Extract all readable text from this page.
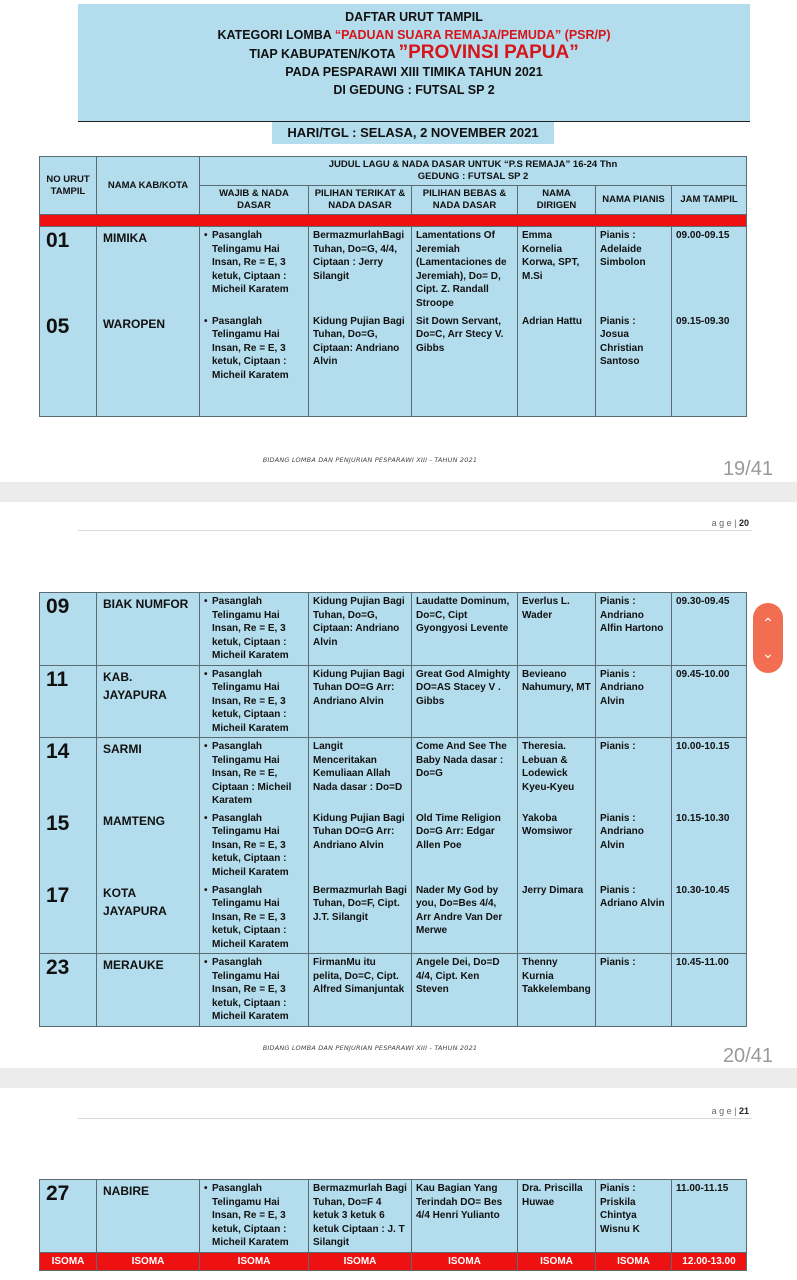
DAFTAR URUT TAMPIL
KATEGORI LOMBA “PADUAN SUARA REMAJA/PEMUDA” (PSR/P)
TIAP KABUPATEN/KOTA ”PROVINSI PAPUA”
PADA PESPARAWI XIII TIMIKA TAHUN 2021
DI GEDUNG : FUTSAL SP 2
HARI/TGL : SELASA, 2 NOVEMBER 2021
NO URUT TAMPIL	NAMA KAB/KOTA	JUDUL LAGU & NADA DASAR UNTUK “P.S REMAJA” 16-24 Thn
GEDUNG : FUTSAL SP 2					

		WAJIB & NADA DASAR	PILIHAN TERIKAT & NADA DASAR	PILIHAN BEBAS & NADA DASAR	NAMA DIRIGEN	NAMA PIANIS	JAM TAMPIL

01	MIMIKA	• Pasanglah Telingamu Hai Insan, Re = E, 3 ketuk, Ciptaan : Micheil Karatem	BermazmurlahBagi Tuhan, Do=G, 4/4, Ciptaan : Jerry Silangit	Lamentations Of Jeremiah (Lamentaciones de Jeremiah), Do= D, Cipt. Z. Randall Stroope	Emma Kornelia Korwa, SPT, M.Si	Pianis : Adelaide Simbolon	09.00-09.15
05	WAROPEN	• Pasanglah Telingamu Hai Insan, Re = E, 3 ketuk, Ciptaan : Micheil Karatem	Kidung Pujian Bagi Tuhan, Do=G, Ciptaan: Andriano Alvin	Sit Down Servant, Do=C, Arr Stecy V. Gibbs	Adrian Hattu	Pianis : Josua Christian Santoso	09.15-09.30
BIDANG LOMBA DAN PENJURIAN PESPARAWI XIII - TAHUN 2021	19/41
a g e | 20
09	BIAK NUMFOR	• Pasanglah Telingamu Hai Insan, Re = E, 3 ketuk, Ciptaan : Micheil Karatem	Kidung Pujian Bagi Tuhan, Do=G, Ciptaan: Andriano Alvin	Laudatte Dominum, Do=C, Cipt Gyongyosi Levente	Everlus L. Wader	Pianis : Andriano Alfin Hartono	09.30-09.45
11	KAB. JAYAPURA	• Pasanglah Telingamu Hai Insan, Re = E, 3 ketuk, Ciptaan : Micheil Karatem	Kidung Pujian Bagi Tuhan DO=G Arr: Andriano Alvin	Great God Almighty DO=AS Stacey V . Gibbs	Bevieano Nahumury, MT	Pianis : Andriano Alvin	09.45-10.00
14	SARMI	• Pasanglah Telingamu Hai Insan, Re = E, Ciptaan : Micheil Karatem	Langit Menceritakan Kemuliaan Allah Nada dasar : Do=D	Come And See The Baby Nada dasar : Do=G	Theresia. Lebuan & Lodewick Kyeu-Kyeu	Pianis :	10.00-10.15
15	MAMTENG	• Pasanglah Telingamu Hai Insan, Re = E, 3 ketuk, Ciptaan : Micheil Karatem	Kidung Pujian Bagi Tuhan DO=G Arr: Andriano Alvin	Old Time Religion Do=G Arr: Edgar Allen Poe	Yakoba Womsiwor	Pianis : Andriano Alvin	10.15-10.30
17	KOTA JAYAPURA	• Pasanglah Telingamu Hai Insan, Re = E, 3 ketuk, Ciptaan : Micheil Karatem	Bermazmurlah Bagi Tuhan, Do=F, Cipt. J.T. Silangit	Nader My God by you, Do=Bes 4/4, Arr Andre Van Der Merwe	Jerry Dimara	Pianis : Adriano Alvin	10.30-10.45
23	MERAUKE	• Pasanglah Telingamu Hai Insan, Re = E, 3 ketuk, Ciptaan : Micheil Karatem	FirmanMu itu pelita, Do=C, Cipt. Alfred Simanjuntak	Angele Dei, Do=D 4/4, Cipt. Ken Steven	Thenny Kurnia Takkelembang	Pianis :	10.45-11.00
BIDANG LOMBA DAN PENJURIAN PESPARAWI XIII - TAHUN 2021	20/41
a g e | 21
27	NABIRE	• Pasanglah Telingamu Hai Insan, Re = E, 3 ketuk, Ciptaan : Micheil Karatem	Bermazmurlah Bagi Tuhan, Do=F 4 ketuk 3 ketuk 6 ketuk Ciptaan : J. T Silangit	Kau Bagian Yang Terindah DO= Bes 4/4 Henri Yulianto	Dra. Priscilla Huwae	Pianis : Priskila Chintya Wisnu K	11.00-11.15
ISOMA	ISOMA	ISOMA	ISOMA	ISOMA	ISOMA	ISOMA	12.00-13.00
⌃
⌄
